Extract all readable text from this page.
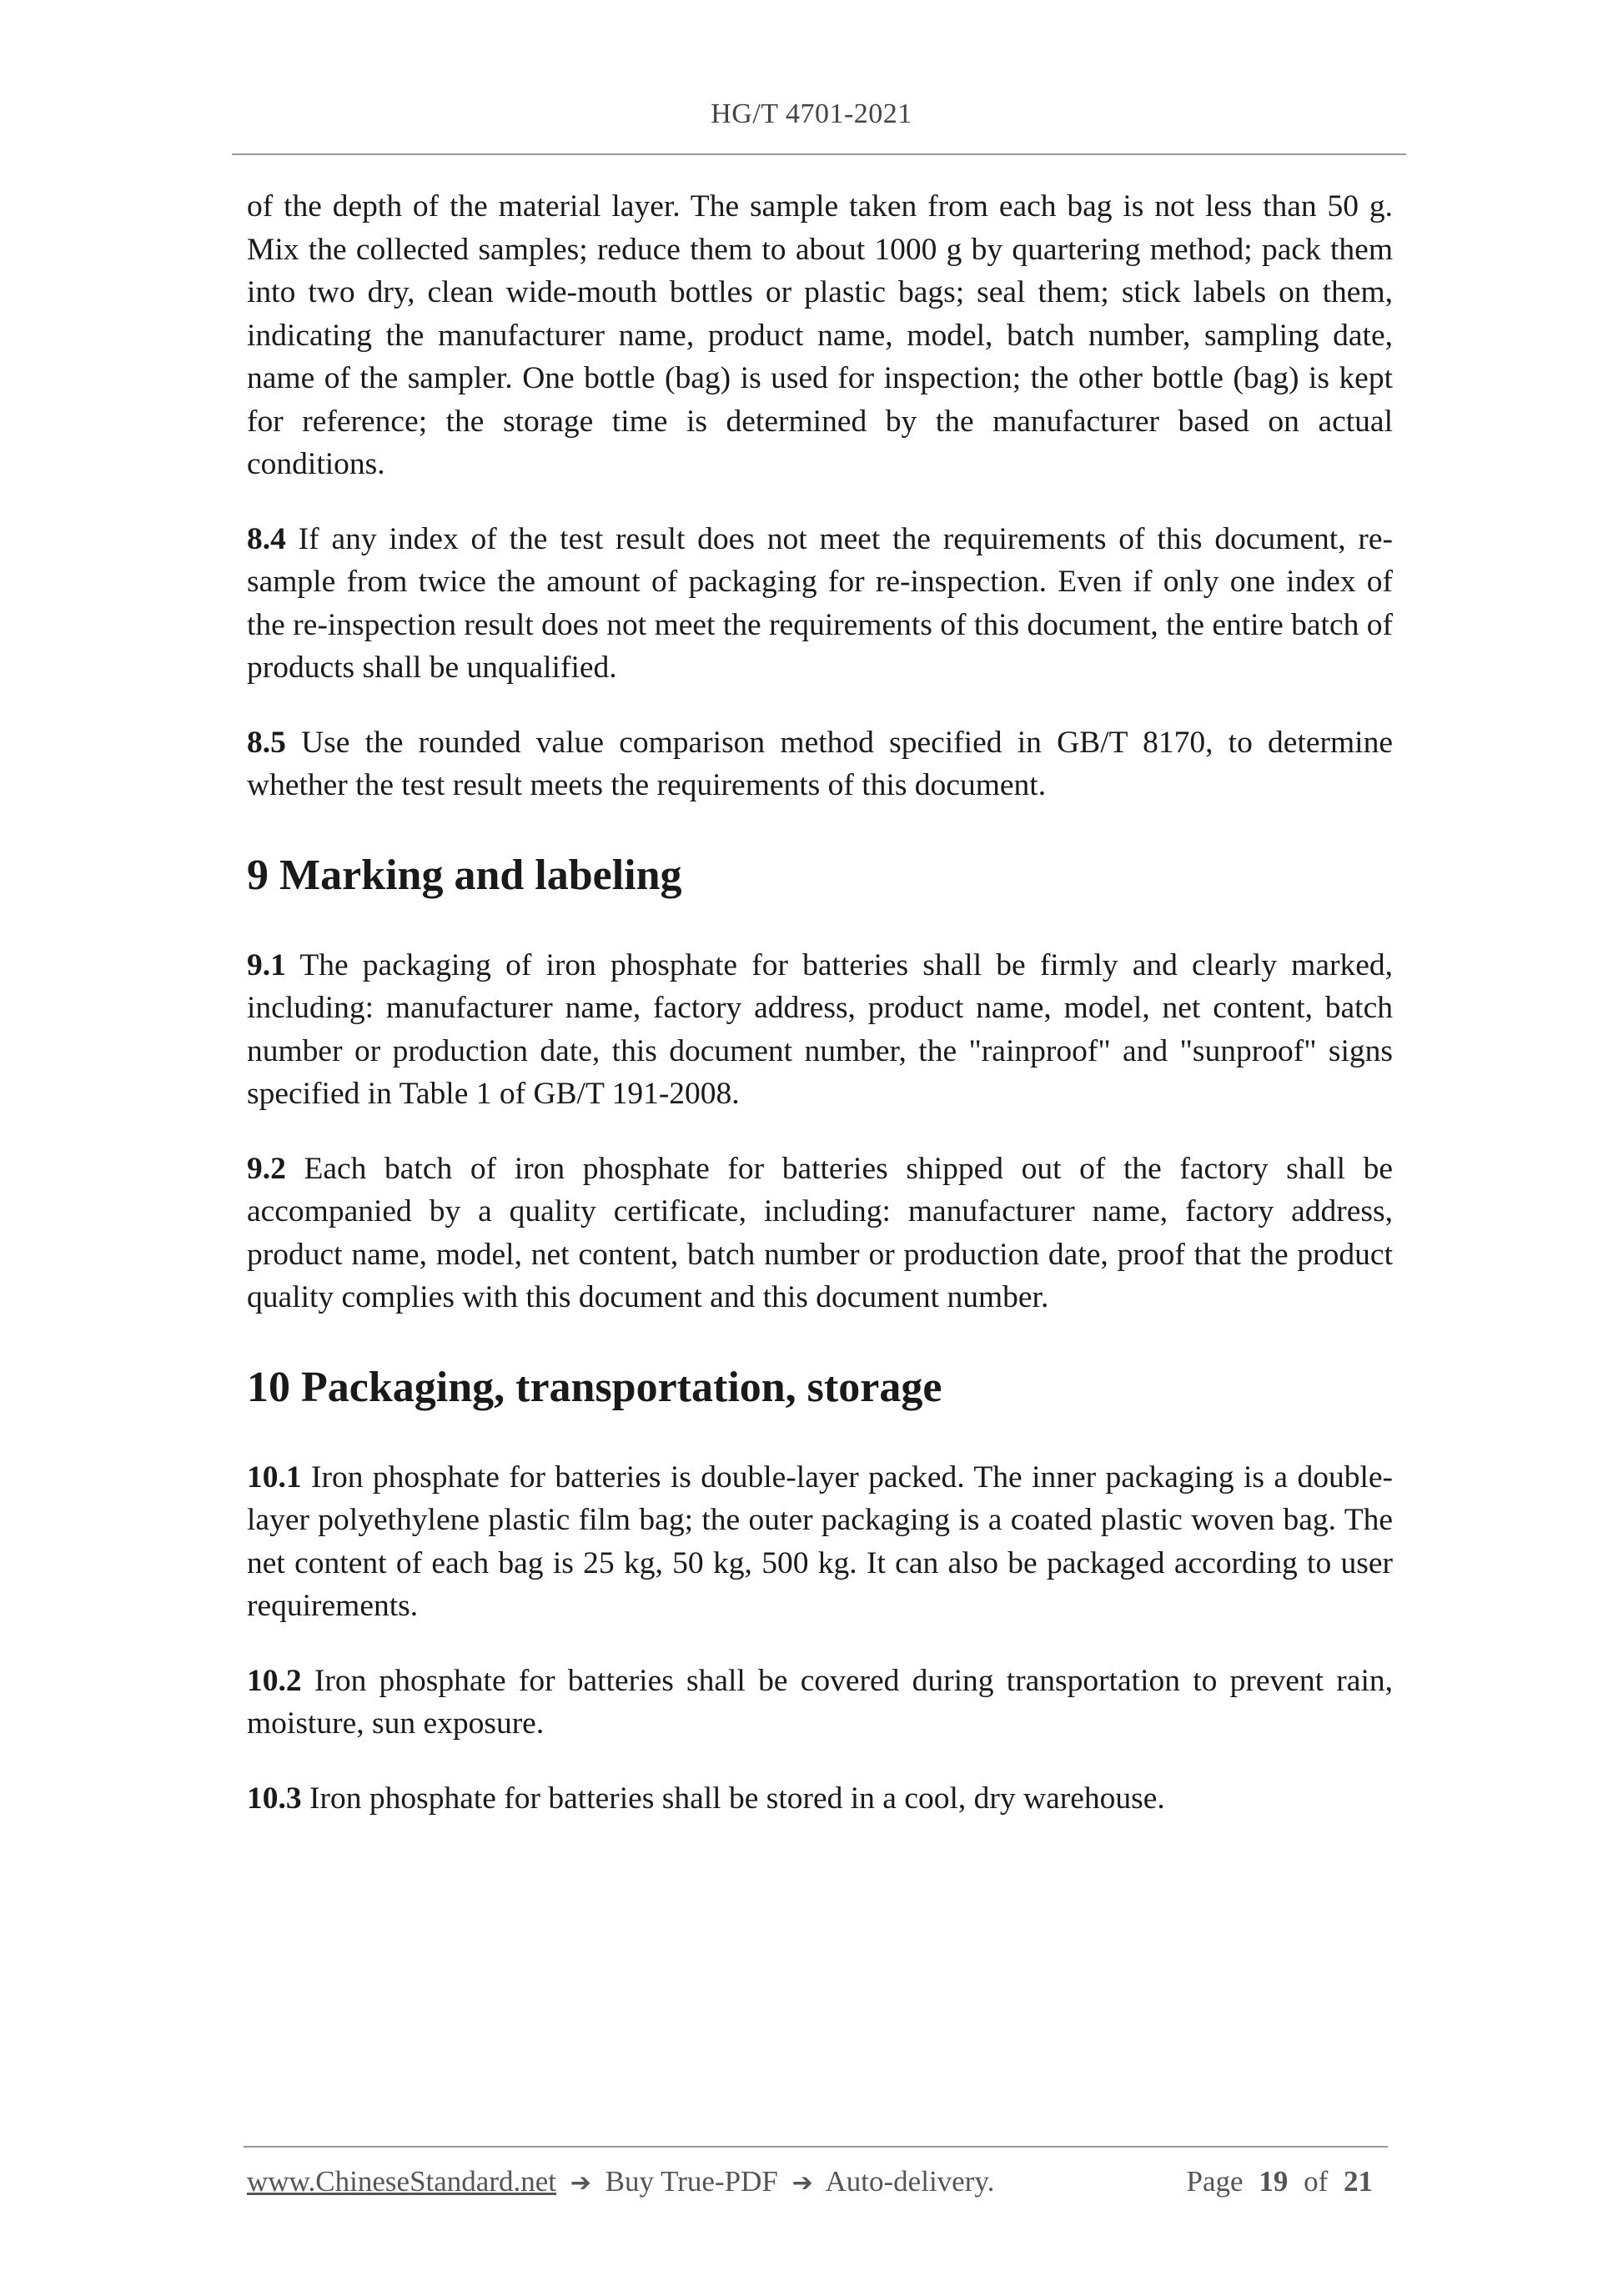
HG/T 4701-2021

of the depth of the material layer. The sample taken from each bag is not less than 50 g. Mix the collected samples; reduce them to about 1000 g by quartering method; pack them into two dry, clean wide-mouth bottles or plastic bags; seal them; stick labels on them, indicating the manufacturer name, product name, model, batch number, sampling date, name of the sampler. One bottle (bag) is used for inspection; the other bottle (bag) is kept for reference; the storage time is determined by the manufacturer based on actual conditions.

8.4 If any index of the test result does not meet the requirements of this document, re-sample from twice the amount of packaging for re-inspection. Even if only one index of the re-inspection result does not meet the requirements of this document, the entire batch of products shall be unqualified.

8.5 Use the rounded value comparison method specified in GB/T 8170, to determine whether the test result meets the requirements of this document.

9 Marking and labeling

9.1 The packaging of iron phosphate for batteries shall be firmly and clearly marked, including: manufacturer name, factory address, product name, model, net content, batch number or production date, this document number, the "rainproof" and "sunproof" signs specified in Table 1 of GB/T 191-2008.

9.2 Each batch of iron phosphate for batteries shipped out of the factory shall be accompanied by a quality certificate, including: manufacturer name, factory address, product name, model, net content, batch number or production date, proof that the product quality complies with this document and this document number.

10 Packaging, transportation, storage

10.1 Iron phosphate for batteries is double-layer packed. The inner packaging is a double-layer polyethylene plastic film bag; the outer packaging is a coated plastic woven bag. The net content of each bag is 25 kg, 50 kg, 500 kg. It can also be packaged according to user requirements.

10.2 Iron phosphate for batteries shall be covered during transportation to prevent rain, moisture, sun exposure.

10.3 Iron phosphate for batteries shall be stored in a cool, dry warehouse.

www.ChineseStandard.net ➔ Buy True-PDF ➔ Auto-delivery.	Page 19 of 21
